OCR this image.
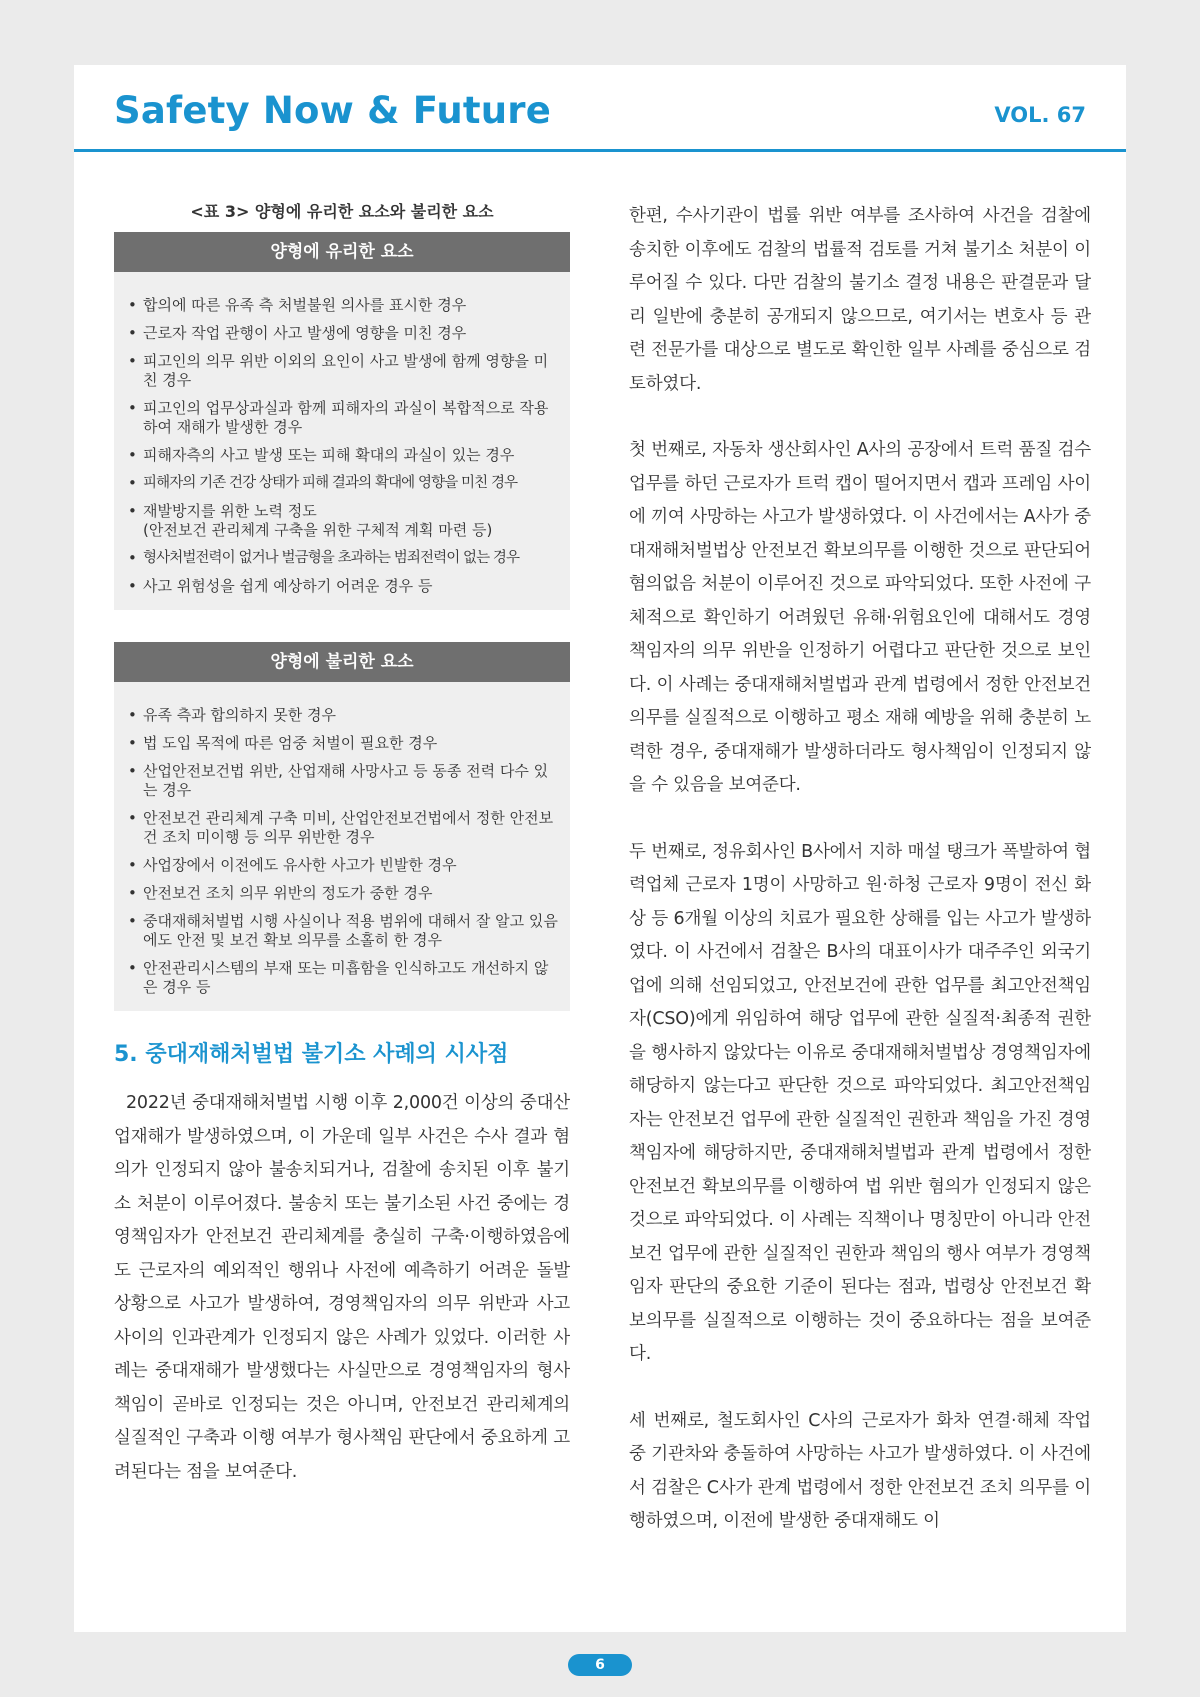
Safety Now & Future	VOL. 67
<표 3> 양형에 유리한 요소와 불리한 요소
양형에 유리한 요소
• 합의에 따른 유족 측 처벌불원 의사를 표시한 경우
• 근로자 작업 관행이 사고 발생에 영향을 미친 경우
• 피고인의 의무 위반 이외의 요인이 사고 발생에 함께 영향을 미친 경우
• 피고인의 업무상과실과 함께 피해자의 과실이 복합적으로 작용하여 재해가 발생한 경우
• 피해자측의 사고 발생 또는 피해 확대의 과실이 있는 경우
• 피해자의 기존 건강 상태가 피해 결과의 확대에 영향을 미친 경우
• 재발방지를 위한 노력 정도
(안전보건 관리체계 구축을 위한 구체적 계획 마련 등)
• 형사처벌전력이 없거나 벌금형을 초과하는 범죄전력이 없는 경우
• 사고 위험성을 쉽게 예상하기 어려운 경우 등
양형에 불리한 요소
• 유족 측과 합의하지 못한 경우
• 법 도입 목적에 따른 엄중 처벌이 필요한 경우
• 산업안전보건법 위반, 산업재해 사망사고 등 동종 전력 다수 있는 경우
• 안전보건 관리체계 구축 미비, 산업안전보건법에서 정한 안전보건 조치 미이행 등 의무 위반한 경우
• 사업장에서 이전에도 유사한 사고가 빈발한 경우
• 안전보건 조치 의무 위반의 정도가 중한 경우
• 중대재해처벌법 시행 사실이나 적용 범위에 대해서 잘 알고 있음에도 안전 및 보건 확보 의무를 소홀히 한 경우
• 안전관리시스템의 부재 또는 미흡함을 인식하고도 개선하지 않은 경우 등
5. 중대재해처벌법 불기소 사례의 시사점

2022년 중대재해처벌법 시행 이후 2,000건 이상의 중대산업재해가 발생하였으며, 이 가운데 일부 사건은 수사 결과 혐의가 인정되지 않아 불송치되거나, 검찰에 송치된 이후 불기소 처분이 이루어졌다. 불송치 또는 불기소된 사건 중에는 경영책임자가 안전보건 관리체계를 충실히 구축·이행하였음에도 근로자의 예외적인 행위나 사전에 예측하기 어려운 돌발 상황으로 사고가 발생하여, 경영책임자의 의무 위반과 사고 사이의 인과관계가 인정되지 않은 사례가 있었다. 이러한 사례는 중대재해가 발생했다는 사실만으로 경영책임자의 형사책임이 곧바로 인정되는 것은 아니며, 안전보건 관리체계의 실질적인 구축과 이행 여부가 형사책임 판단에서 중요하게 고려된다는 점을 보여준다.

한편, 수사기관이 법률 위반 여부를 조사하여 사건을 검찰에 송치한 이후에도 검찰의 법률적 검토를 거쳐 불기소 처분이 이루어질 수 있다. 다만 검찰의 불기소 결정 내용은 판결문과 달리 일반에 충분히 공개되지 않으므로, 여기서는 변호사 등 관련 전문가를 대상으로 별도로 확인한 일부 사례를 중심으로 검토하였다.

첫 번째로, 자동차 생산회사인 A사의 공장에서 트럭 품질 검수 업무를 하던 근로자가 트럭 캡이 떨어지면서 캡과 프레임 사이에 끼여 사망하는 사고가 발생하였다. 이 사건에서는 A사가 중대재해처벌법상 안전보건 확보의무를 이행한 것으로 판단되어 혐의없음 처분이 이루어진 것으로 파악되었다. 또한 사전에 구체적으로 확인하기 어려웠던 유해·위험요인에 대해서도 경영책임자의 의무 위반을 인정하기 어렵다고 판단한 것으로 보인다. 이 사례는 중대재해처벌법과 관계 법령에서 정한 안전보건 의무를 실질적으로 이행하고 평소 재해 예방을 위해 충분히 노력한 경우, 중대재해가 발생하더라도 형사책임이 인정되지 않을 수 있음을 보여준다.

두 번째로, 정유회사인 B사에서 지하 매설 탱크가 폭발하여 협력업체 근로자 1명이 사망하고 원·하청 근로자 9명이 전신 화상 등 6개월 이상의 치료가 필요한 상해를 입는 사고가 발생하였다. 이 사건에서 검찰은 B사의 대표이사가 대주주인 외국기업에 의해 선임되었고, 안전보건에 관한 업무를 최고안전책임자(CSO)에게 위임하여 해당 업무에 관한 실질적·최종적 권한을 행사하지 않았다는 이유로 중대재해처벌법상 경영책임자에 해당하지 않는다고 판단한 것으로 파악되었다. 최고안전책임자는 안전보건 업무에 관한 실질적인 권한과 책임을 가진 경영책임자에 해당하지만, 중대재해처벌법과 관계 법령에서 정한 안전보건 확보의무를 이행하여 법 위반 혐의가 인정되지 않은 것으로 파악되었다. 이 사례는 직책이나 명칭만이 아니라 안전보건 업무에 관한 실질적인 권한과 책임의 행사 여부가 경영책임자 판단의 중요한 기준이 된다는 점과, 법령상 안전보건 확보의무를 실질적으로 이행하는 것이 중요하다는 점을 보여준다.

세 번째로, 철도회사인 C사의 근로자가 화차 연결·해체 작업 중 기관차와 충돌하여 사망하는 사고가 발생하였다. 이 사건에서 검찰은 C사가 관계 법령에서 정한 안전보건 조치 의무를 이행하였으며, 이전에 발생한 중대재해도 이

6
